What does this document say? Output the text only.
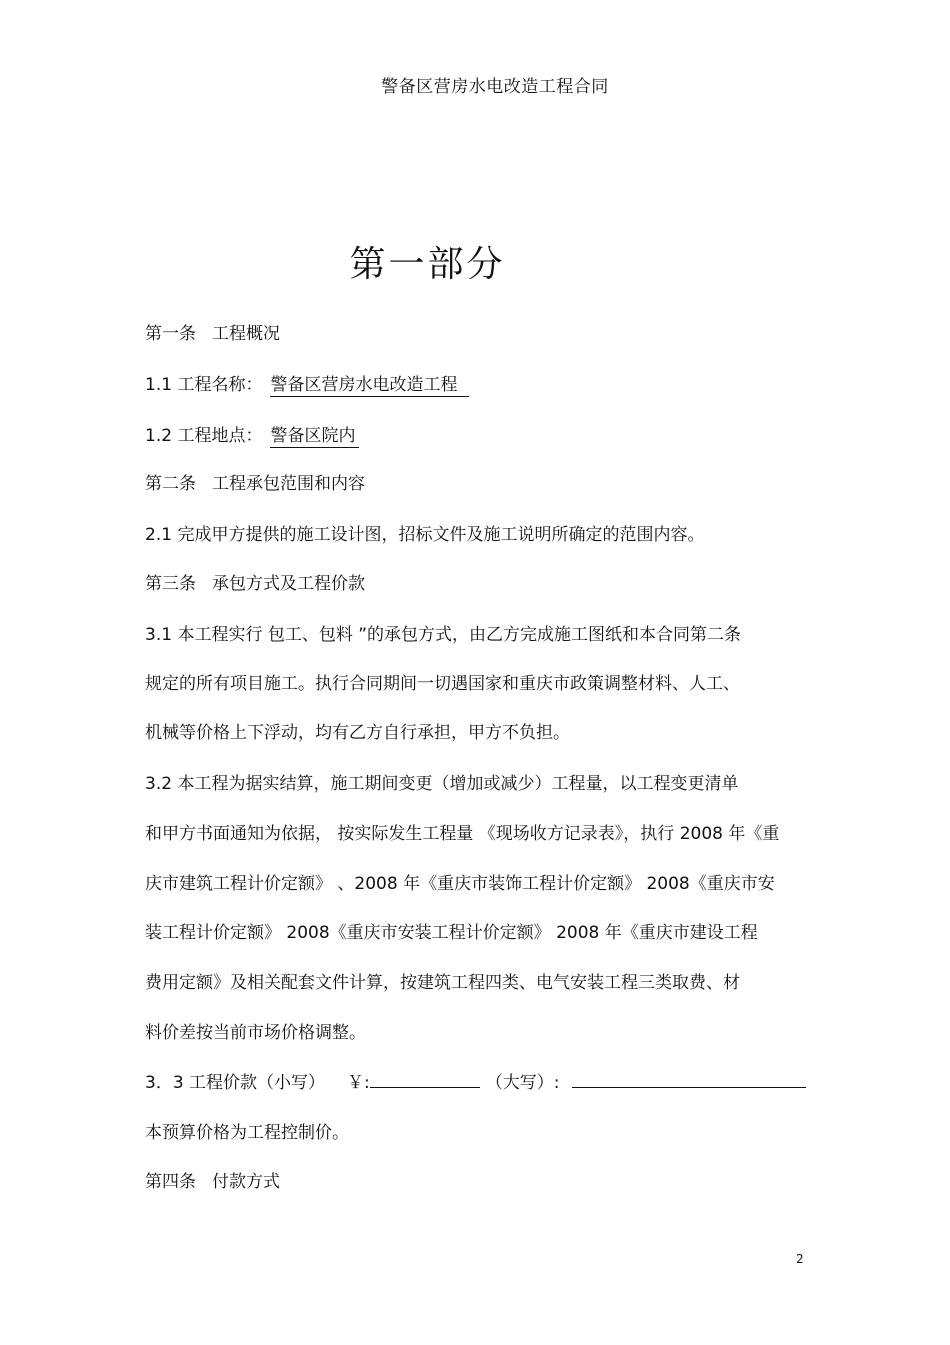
警备区营房水电改造工程合同
第一部分
第一条 工程概况
1.1 工程名称： 警备区营房水电改造工程
1.2 工程地点： 警备区院内
第二条 工程承包范围和内容
2.1 完成甲方提供的施工设计图，招标文件及施工说明所确定的范围内容。
第三条 承包方式及工程价款
3.1 本工程实行 包工、包料 ”的承包方式，由乙方完成施工图纸和本合同第二条
规定的所有项目施工。执行合同期间一切遇国家和重庆市政策调整材料、人工、
机械等价格上下浮动，均有乙方自行承担，甲方不负担。
3.2 本工程为据实结算，施工期间变更（增加或减少）工程量，以工程变更清单
和甲方书面通知为依据， 按实际发生工程量 《现场收方记录表》，执行 2008 年《重
庆市建筑工程计价定额》 、2008 年《重庆市装饰工程计价定额》 2008《重庆市安
装工程计价定额》 2008《重庆市安装工程计价定额》 2008 年《重庆市建设工程
费用定额》及相关配套文件计算，按建筑工程四类、电气安装工程三类取费、材
料价差按当前市场价格调整。
3．3 工程价款（小写） ￥:	（大写）:
本预算价格为工程控制价。
第四条 付款方式
2
